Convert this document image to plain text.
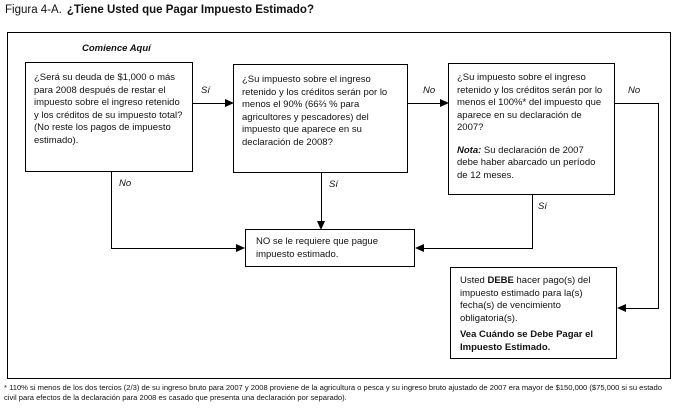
Figura 4-A. ¿Tiene Usted que Pagar Impuesto Estimado?
Comience Aquí
¿Será su deuda de $1,000 o más para 2008 después de restar el impuesto sobre el ingreso retenido y los créditos de su impuesto total? (No reste los pagos de impuesto estimado).
¿Su impuesto sobre el ingreso retenido y los créditos serán por lo menos el 90% (66⅔ % para agricultores y pescadores) del impuesto que aparece en su declaración de 2008?
¿Su impuesto sobre el ingreso retenido y los créditos serán por lo menos el 100%* del impuesto que aparece en su declaración de 2007?
Nota: Su declaración de 2007 debe haber abarcado un período de 12 meses.
NO se le requiere que pague impuesto estimado.
Usted DEBE hacer pago(s) del impuesto estimado para la(s) fecha(s) de vencimiento obligatoria(s).
Vea Cuándo se Debe Pagar el Impuesto Estimado.
Sí	No	No
No	Sí
Sí
* 110% si menos de los dos tercios (2/3) de su ingreso bruto para 2007 y 2008 proviene de la agricultura o pesca y su ingreso bruto ajustado de 2007 era mayor de $150,000 ($75,000 si su estado civil para efectos de la declaración para 2008 es casado que presenta una declaración por separado).
